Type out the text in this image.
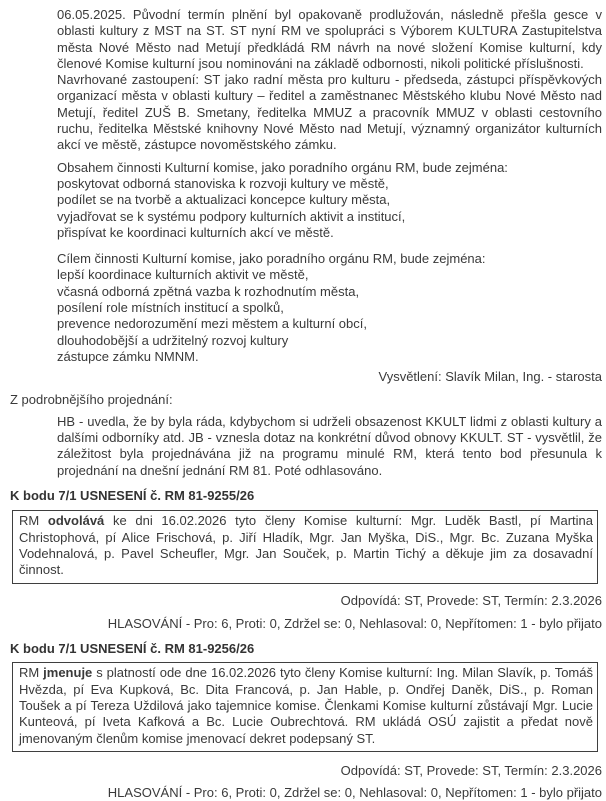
06.05.2025. Původní termín plnění byl opakovaně prodlužován, následně přešla gesce v oblasti kultury z MST na ST. ST nyní RM ve spolupráci s Výborem KULTURA Zastupitelstva města Nové Město nad Metují předkládá RM návrh na nové složení Komise kulturní, kdy členové Komise kulturní jsou nominováni na základě odbornosti, nikoli politické příslušnosti.

Navrhované zastoupení: ST jako radní města pro kulturu - předseda, zástupci příspěvkových organizací města v oblasti kultury – ředitel a zaměstnanec Městského klubu Nové Město nad Metují, ředitel ZUŠ B. Smetany, ředitelka MMUZ a pracovník MMUZ v oblasti cestovního ruchu, ředitelka Městské knihovny Nové Město nad Metují, významný organizátor kulturních akcí ve městě, zástupce novoměstského zámku.

Obsahem činnosti Kulturní komise, jako poradního orgánu RM, bude zejména:
poskytovat odborná stanoviska k rozvoji kultury ve městě,
podílet se na tvorbě a aktualizaci koncepce kultury města,
vyjadřovat se k systému podpory kulturních aktivit a institucí,
přispívat ke koordinaci kulturních akcí ve městě.
Cílem činnosti Kulturní komise, jako poradního orgánu RM, bude zejména:
lepší koordinace kulturních aktivit ve městě,
včasná odborná zpětná vazba k rozhodnutím města,
posílení role místních institucí a spolků,
prevence nedorozumění mezi městem a kulturní obcí,
dlouhodobější a udržitelný rozvoj kultury
zástupce zámku NMNM.

Vysvětlení: Slavík Milan, Ing. - starosta

Z podrobnějšího projednání:

HB - uvedla, že by byla ráda, kdybychom si udrželi obsazenost KKULT lidmi z oblasti kultury a dalšími odborníky atd. JB - vznesla dotaz na konkrétní důvod obnovy KKULT. ST - vysvětlil, že záležitost byla projednávána již na programu minulé RM, která tento bod přesunula k projednání na dnešní jednání RM 81. Poté odhlasováno.

K bodu 7/1 USNESENÍ č. RM 81-9255/26
RM odvolává ke dni 16.02.2026 tyto členy Komise kulturní: Mgr. Luděk Bastl, pí Martina Christophová, pí Alice Frischová, p. Jiří Hladík, Mgr. Jan Myška, DiS., Mgr. Bc. Zuzana Myška Vodehnalová, p. Pavel Scheufler, Mgr. Jan Souček, p. Martin Tichý a děkuje jim za dosavadní činnost.

Odpovídá: ST, Provede: ST, Termín: 2.3.2026

HLASOVÁNÍ - Pro: 6, Proti: 0, Zdržel se: 0, Nehlasoval: 0, Nepřítomen: 1 - bylo přijato

K bodu 7/1 USNESENÍ č. RM 81-9256/26
RM jmenuje s platností ode dne 16.02.2026 tyto členy Komise kulturní: Ing. Milan Slavík, p. Tomáš Hvězda, pí Eva Kupková, Bc. Dita Francová, p. Jan Hable, p. Ondřej Daněk, DiS., p. Roman Toušek a pí Tereza Uždilová jako tajemnice komise. Členkami Komise kulturní zůstávají Mgr. Lucie Kunteová, pí Iveta Kafková a Bc. Lucie Oubrechtová. RM ukládá OSÚ zajistit a předat nově jmenovaným členům komise jmenovací dekret podepsaný ST.

Odpovídá: ST, Provede: ST, Termín: 2.3.2026

HLASOVÁNÍ - Pro: 6, Proti: 0, Zdržel se: 0, Nehlasoval: 0, Nepřítomen: 1 - bylo přijato
